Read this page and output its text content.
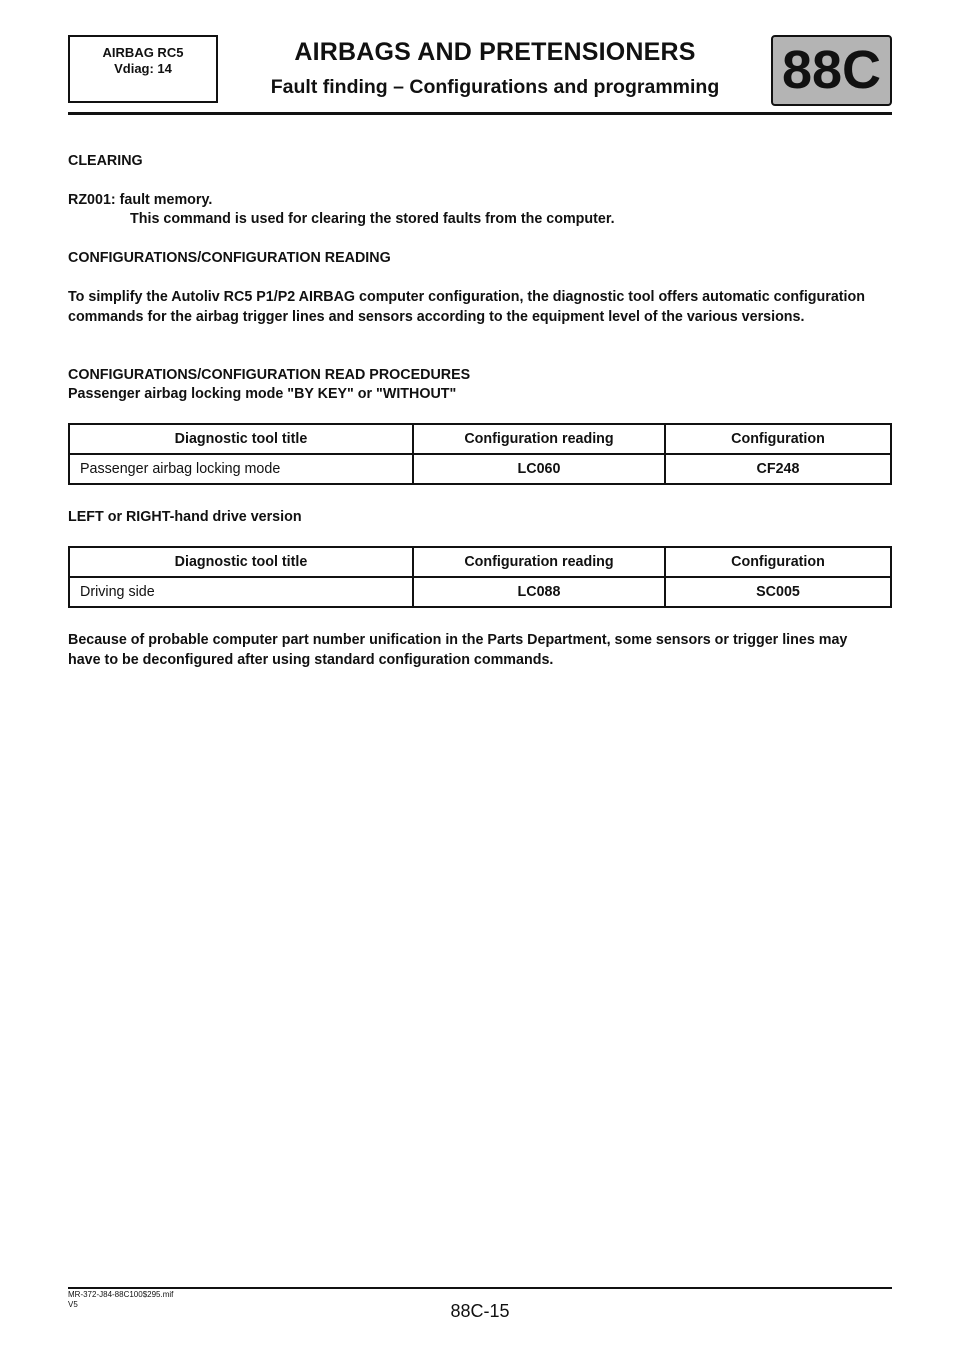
AIRBAG RC5
Vdiag: 14
AIRBAGS AND PRETENSIONERS
Fault finding – Configurations and programming	88C
CLEARING
RZ001: fault memory.
This command is used for clearing the stored faults from the computer.
CONFIGURATIONS/CONFIGURATION READING
To simplify the Autoliv RC5 P1/P2 AIRBAG computer configuration, the diagnostic tool offers automatic configuration commands for the airbag trigger lines and sensors according to the equipment level of the various versions.
CONFIGURATIONS/CONFIGURATION READ PROCEDURES
Passenger airbag locking mode "BY KEY" or "WITHOUT"
Diagnostic tool title	Configuration reading	Configuration
Passenger airbag locking mode	LC060	CF248
LEFT or RIGHT-hand drive version
Diagnostic tool title	Configuration reading	Configuration
Driving side	LC088	SC005
Because of probable computer part number unification in the Parts Department, some sensors or trigger lines may have to be deconfigured after using standard configuration commands.
MR-372-J84-88C100$295.mif
V5	88C-15
